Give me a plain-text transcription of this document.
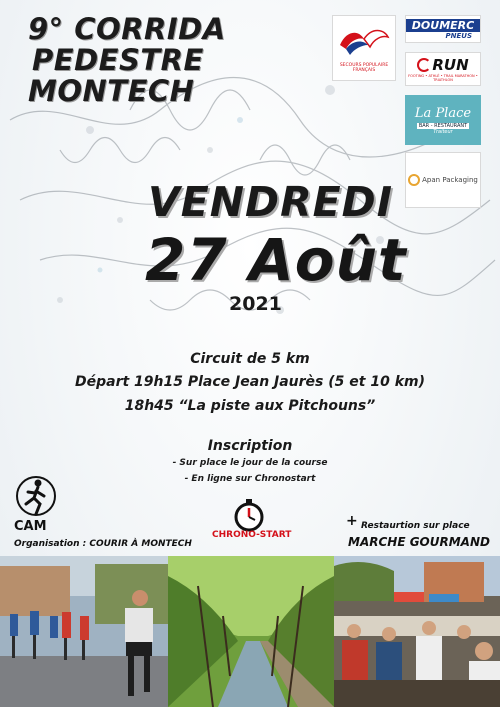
9° CORRIDA
PEDESTRE
MONTECH
SECOURS POPULAIRE FRANÇAIS
DOUMERC
PNEUS
RUN
FOOTING • ATHLÉ • TRAIL MARATHON • TRIATHLON
La Place
BAR - RESTAURANT
Traiteur
Apan Packaging
VENDREDI
27 Août
2021
Circuit de 5 km
Départ 19h15 Place Jean Jaurès (5 et 10 km)
18h45 “La piste aux Pitchouns”
Inscription
- Sur place le jour de la course
- En ligne sur Chronostart
CAM
Organisation : COURIR À MONTECH
CHRONO-START
+ Restaurtion sur place
MARCHE GOURMAND
